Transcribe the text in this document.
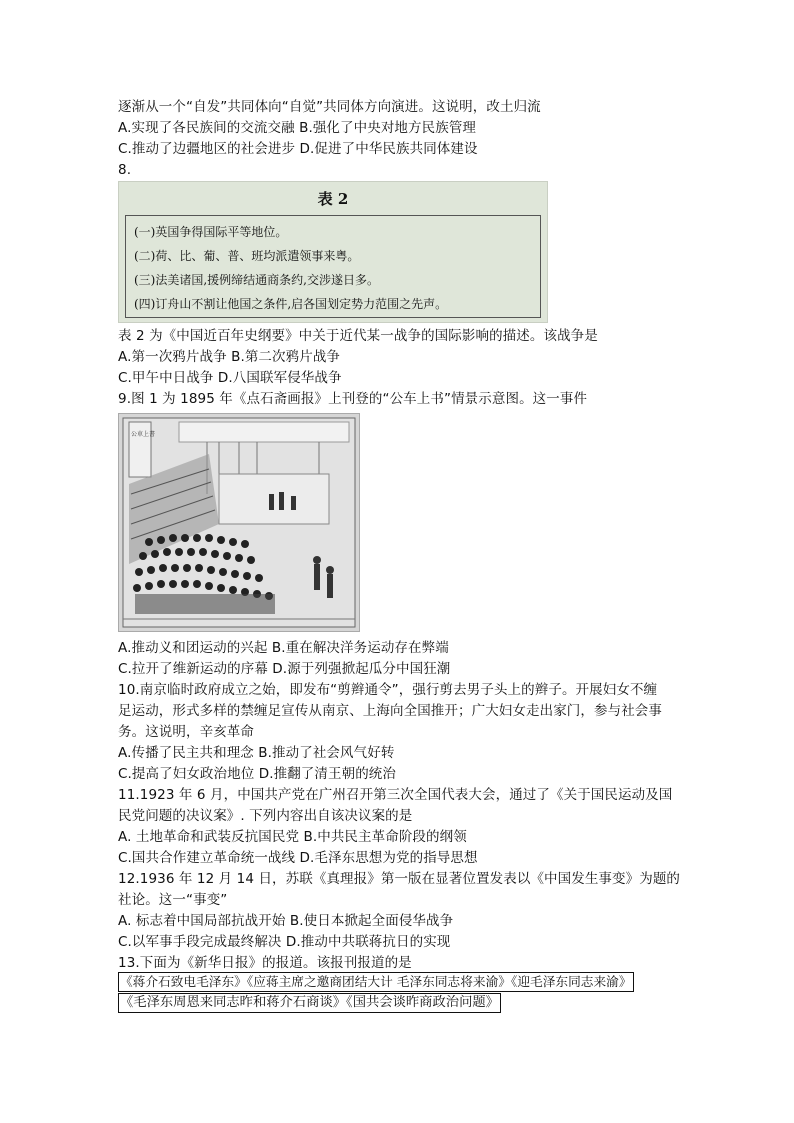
逐渐从一个“自发”共同体向“自觉”共同体方向演进。这说明，改土归流
A.实现了各民族间的交流交融 B.强化了中央对地方民族管理
C.推动了边疆地区的社会进步 D.促进了中华民族共同体建设
8.
表 2
(一)英国争得国际平等地位。
(二)荷、比、葡、普、班均派遣领事来粤。
(三)法美诸国,援例缔结通商条约,交涉遂日多。
(四)订舟山不割让他国之条件,启各国划定势力范围之先声。
表 2 为《中国近百年史纲要》中关于近代某一战争的国际影响的描述。该战争是
A.第一次鸦片战争 B.第二次鸦片战争
C.甲午中日战争 D.八国联军侵华战争
9.图 1 为 1895 年《点石斋画报》上刊登的“公车上书”情景示意图。这一事件
公車上書
A.推动义和团运动的兴起 B.重在解决洋务运动存在弊端
C.拉开了维新运动的序幕 D.源于列强掀起瓜分中国狂潮
10.南京临时政府成立之始，即发布“剪辫通令”，强行剪去男子头上的辫子。开展妇女不缠
足运动，形式多样的禁缠足宣传从南京、上海向全国推开；广大妇女走出家门，参与社会事
务。这说明，辛亥革命
A.传播了民主共和理念 B.推动了社会风气好转
C.提高了妇女政治地位 D.推翻了清王朝的统治
11.1923 年 6 月，中国共产党在广州召开第三次全国代表大会，通过了《关于国民运动及国
民党问题的决议案》. 下列内容出自该决议案的是
A. 土地革命和武装反抗国民党 B.中共民主革命阶段的纲领
C.国共合作建立革命统一战线 D.毛泽东思想为党的指导思想
12.1936 年 12 月 14 日，苏联《真理报》第一版在显著位置发表以《中国发生事变》为题的
社论。这一“事变”
A. 标志着中国局部抗战开始 B.使日本掀起全面侵华战争
C.以军事手段完成最终解决 D.推动中共联蒋抗日的实现
13.下面为《新华日报》的报道。该报刊报道的是
《蒋介石致电毛泽东》《应蒋主席之邀商团结大计 毛泽东同志将来渝》《迎毛泽东同志来渝》
《毛泽东周恩来同志昨和蒋介石商谈》《国共会谈昨商政治问题》
